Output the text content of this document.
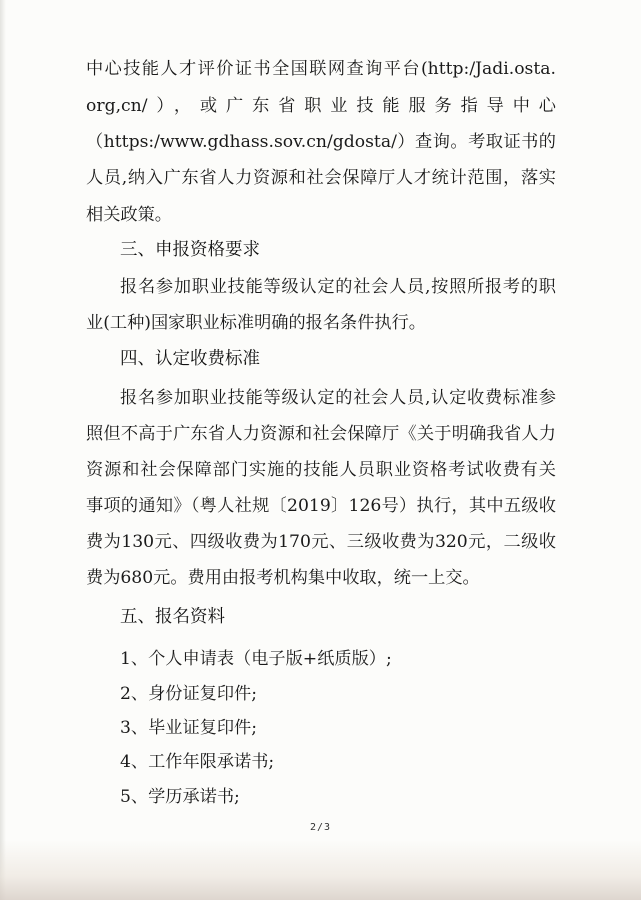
中心技能人才评价证书全国联网查询平台(http:/Jadi.osta.
org,cn/），或广东省职业技能服务指导中心
（https:/www.gdhass.sov.cn/gdosta/）查询。考取证书的
人员,纳入广东省人力资源和社会保障厅人才统计范围，落实
相关政策。
三、申报资格要求
报名参加职业技能等级认定的社会人员,按照所报考的职
业(工种)国家职业标准明确的报名条件执行。
四、认定收费标准
报名参加职业技能等级认定的社会人员,认定收费标准参
照但不高于广东省人力资源和社会保障厅《关于明确我省人力
资源和社会保障部门实施的技能人员职业资格考试收费有关
事项的通知》（粤人社规〔2019〕126号）执行，其中五级收
费为130元、四级收费为170元、三级收费为320元，二级收
费为680元。费用由报考机构集中收取，统一上交。
五、报名资料
1、个人申请表（电子版+纸质版）;
2、身份证复印件;
3、毕业证复印件;
4、工作年限承诺书;
5、学历承诺书;
2/3
